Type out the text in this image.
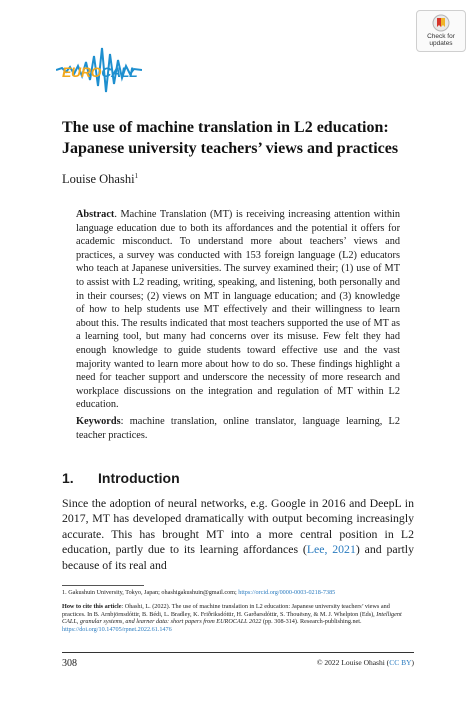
EUROCALL
Check for
updates
The use of machine translation in L2 education:
Japanese university teachers’ views and practices
Louise Ohashi$^1$
Abstract. Machine Translation (MT) is receiving increasing attention within language education due to both its affordances and the potential it offers for academic misconduct. To understand more about teachers’ views and practices, a survey was conducted with 153 foreign language (L2) educators who teach at Japanese universities. The survey examined their; (1) use of MT to assist with L2 reading, writing, speaking, and listening, both personally and in their courses; (2) views on MT in language education; and (3) knowledge of how to help students use MT effectively and their willingness to learn about this. The results indicated that most teachers supported the use of MT as a learning tool, but many had concerns over its misuse. Few felt they had enough knowledge to guide students toward effective use and the vast majority wanted to learn more about how to do so. These findings highlight a need for teacher support and underscore the necessity of more research and workplace discussions on the integration and regulation of MT within L2 education.
Keywords: machine translation, online translator, language learning, L2 teacher practices.
1. Introduction
Since the adoption of neural networks, e.g. Google in 2016 and DeepL in 2017, MT has developed dramatically with output becoming increasingly accurate. This has brought MT into a more central position in L2 education, partly due to its learning affordances (Lee, 2021) and partly because of its real and
1. Gakushuin University, Tokyo, Japan; ohashigakushuin@gmail.com; https://orcid.org/0000-0003-0218-7385
How to cite this article: Ohashi, L. (2022). The use of machine translation in L2 education: Japanese university teachers’ views and practices. In B. Arnbjörnsdóttir, B. Bédi, L. Bradley, K. Friðriksdóttir, H. Garðarsdóttir, S. Thouësny, & M. J. Whelpton (Eds), Intelligent CALL, granular systems, and learner data: short papers from EUROCALL 2022 (pp. 308-314). Research-publishing.net. https://doi.org/10.14705/rpnet.2022.61.1476
308	© 2022 Louise Ohashi (CC BY)
